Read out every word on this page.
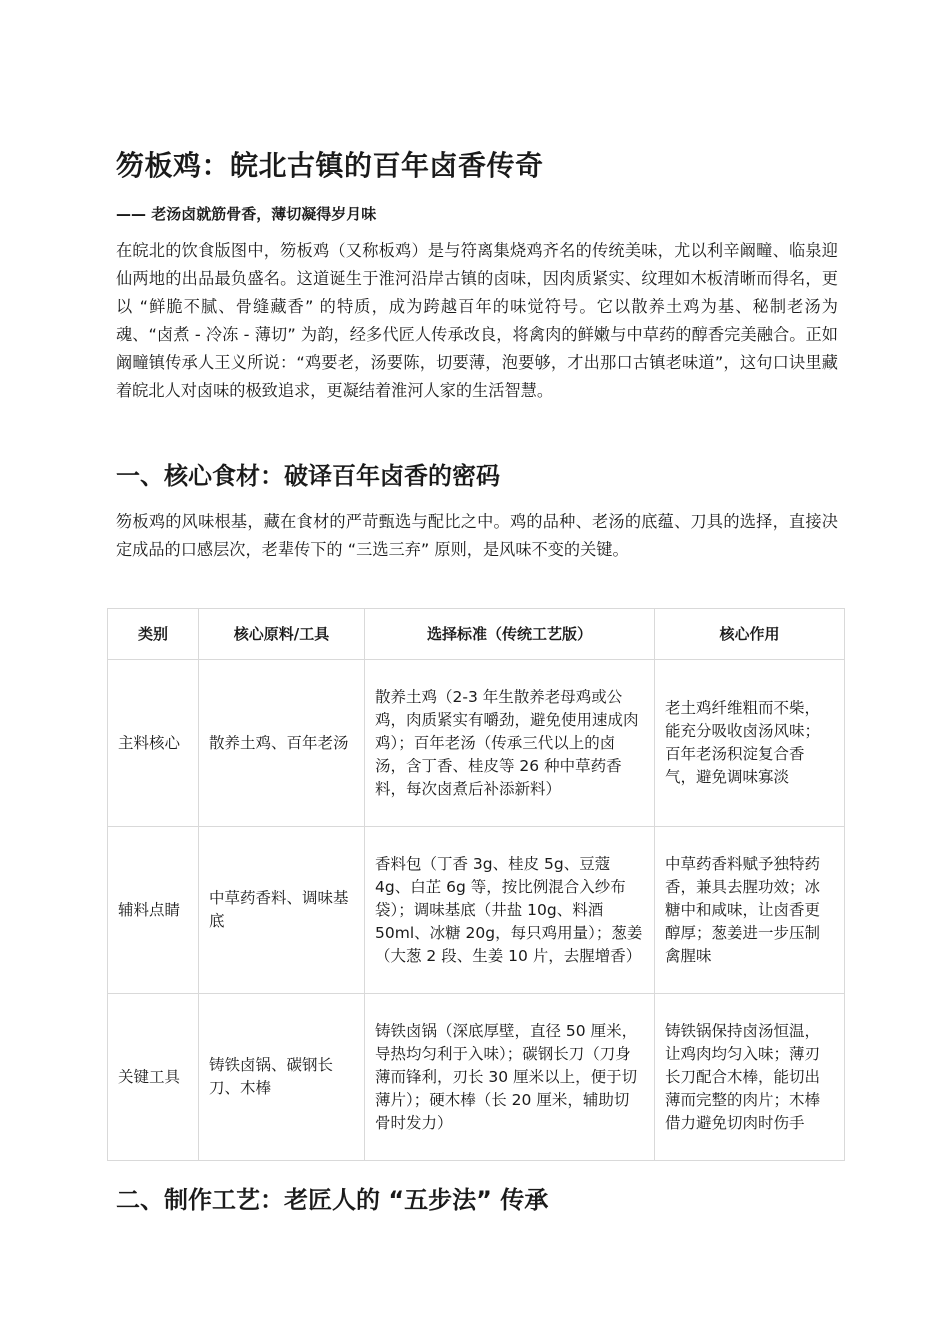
笏板鸡：皖北古镇的百年卤香传奇

—— 老汤卤就筋骨香，薄切凝得岁月味

在皖北的饮食版图中，笏板鸡（又称板鸡）是与符离集烧鸡齐名的传统美味，尤以利辛阚疃、临泉迎仙两地的出品最负盛名。这道诞生于淮河沿岸古镇的卤味，因肉质紧实、纹理如木板清晰而得名，更以 “鲜脆不腻、骨缝藏香” 的特质，成为跨越百年的味觉符号。它以散养土鸡为基、秘制老汤为魂、“卤煮 - 冷冻 - 薄切” 为韵，经多代匠人传承改良，将禽肉的鲜嫩与中草药的醇香完美融合。正如阚疃镇传承人王义所说：“鸡要老，汤要陈，切要薄，泡要够，才出那口古镇老味道”，这句口诀里藏着皖北人对卤味的极致追求，更凝结着淮河人家的生活智慧。

一、核心食材：破译百年卤香的密码

笏板鸡的风味根基，藏在食材的严苛甄选与配比之中。鸡的品种、老汤的底蕴、刀具的选择，直接决定成品的口感层次，老辈传下的 “三选三弃” 原则，是风味不变的关键。

类别	核心原料/工具	选择标准（传统工艺版）	核心作用
主料核心	散养土鸡、百年老汤	散养土鸡（2-3 年生散养老母鸡或公鸡，肉质紧实有嚼劲，避免使用速成肉鸡）；百年老汤（传承三代以上的卤汤，含丁香、桂皮等 26 种中草药香料，每次卤煮后补添新料）	老土鸡纤维粗而不柴，能充分吸收卤汤风味；百年老汤积淀复合香气，避免调味寡淡
辅料点睛	中草药香料、调味基底	香料包（丁香 3g、桂皮 5g、豆蔻 4g、白芷 6g 等，按比例混合入纱布袋）；调味基底（井盐 10g、料酒 50ml、冰糖 20g，每只鸡用量）；葱姜（大葱 2 段、生姜 10 片，去腥增香）	中草药香料赋予独特药香，兼具去腥功效；冰糖中和咸味，让卤香更醇厚；葱姜进一步压制禽腥味
关键工具	铸铁卤锅、碳钢长刀、木棒	铸铁卤锅（深底厚壁，直径 50 厘米，导热均匀利于入味）；碳钢长刀（刀身薄而锋利，刃长 30 厘米以上，便于切薄片）；硬木棒（长 20 厘米，辅助切骨时发力）	铸铁锅保持卤汤恒温，让鸡肉均匀入味；薄刃长刀配合木棒，能切出薄而完整的肉片；木棒借力避免切肉时伤手
二、制作工艺：老匠人的 “五步法” 传承
